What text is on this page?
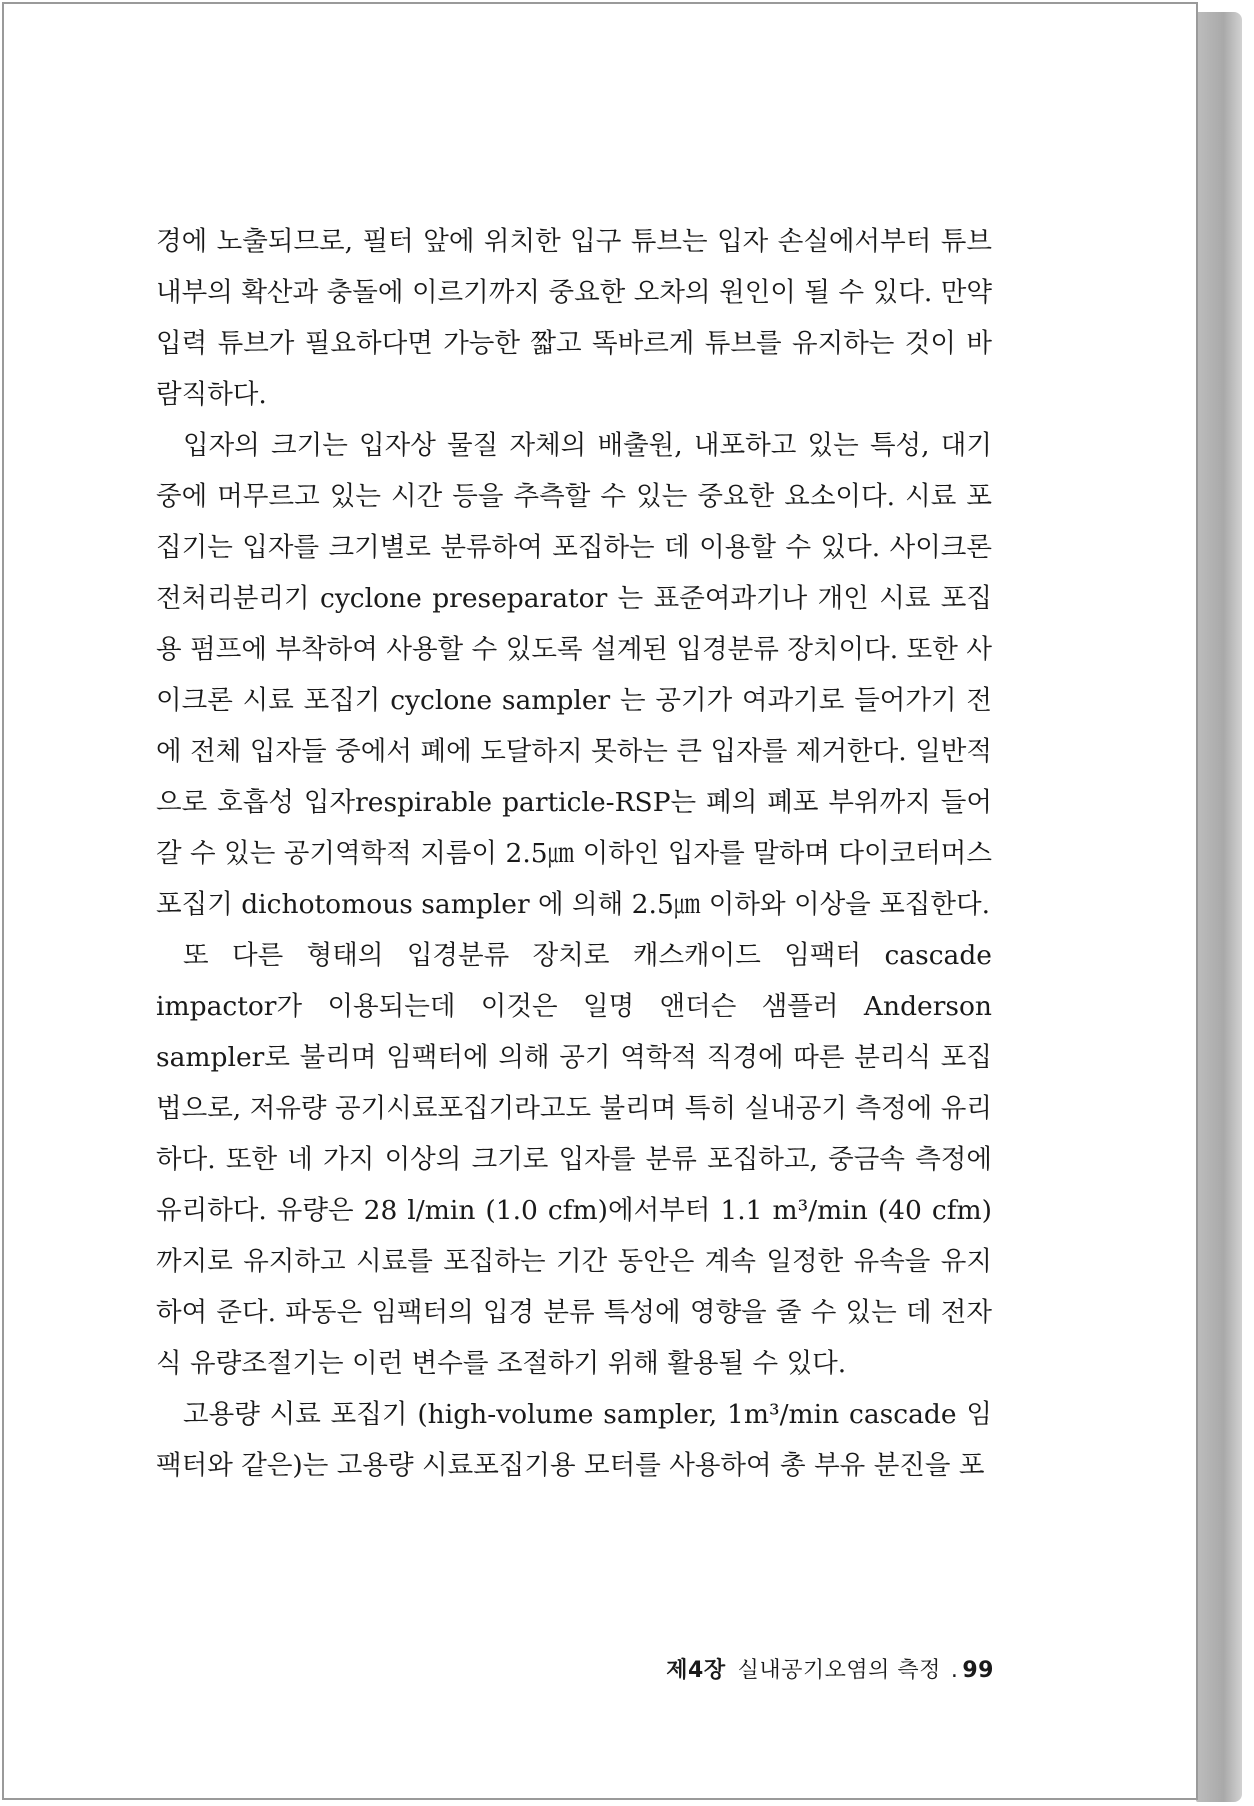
경에 노출되므로, 필터 앞에 위치한 입구 튜브는 입자 손실에서부터 튜브 내부의 확산과 충돌에 이르기까지 중요한 오차의 원인이 될 수 있다. 만약 입력 튜브가 필요하다면 가능한 짧고 똑바르게 튜브를 유지하는 것이 바람직하다.

입자의 크기는 입자상 물질 자체의 배출원, 내포하고 있는 특성, 대기 중에 머무르고 있는 시간 등을 추측할 수 있는 중요한 요소이다. 시료 포집기는 입자를 크기별로 분류하여 포집하는 데 이용할 수 있다. 사이크론 전처리분리기 cyclone preseparator 는 표준여과기나 개인 시료 포집용 펌프에 부착하여 사용할 수 있도록 설계된 입경분류 장치이다. 또한 사이크론 시료 포집기 cyclone sampler 는 공기가 여과기로 들어가기 전에 전체 입자들 중에서 폐에 도달하지 못하는 큰 입자를 제거한다. 일반적으로 호흡성 입자respirable particle-RSP는 폐의 폐포 부위까지 들어갈 수 있는 공기역학적 지름이 2.5㎛ 이하인 입자를 말하며 다이코터머스 포집기 dichotomous sampler 에 의해 2.5㎛ 이하와 이상을 포집한다.

또 다른 형태의 입경분류 장치로 캐스캐이드 임팩터 cascade impactor가 이용되는데 이것은 일명 앤더슨 샘플러 Anderson sampler로 불리며 임팩터에 의해 공기 역학적 직경에 따른 분리식 포집법으로, 저유량 공기시료포집기라고도 불리며 특히 실내공기 측정에 유리하다. 또한 네 가지 이상의 크기로 입자를 분류 포집하고, 중금속 측정에 유리하다. 유량은 28 l/min (1.0 cfm)에서부터 1.1 m³/min (40 cfm)까지로 유지하고 시료를 포집하는 기간 동안은 계속 일정한 유속을 유지하여 준다. 파동은 임팩터의 입경 분류 특성에 영향을 줄 수 있는 데 전자식 유량조절기는 이런 변수를 조절하기 위해 활용될 수 있다.

고용량 시료 포집기 (high-volume sampler, 1m³/min cascade 임팩터와 같은)는 고용량 시료포집기용 모터를 사용하여 총 부유 분진을 포

제4장 실내공기오염의 측정 . 99
